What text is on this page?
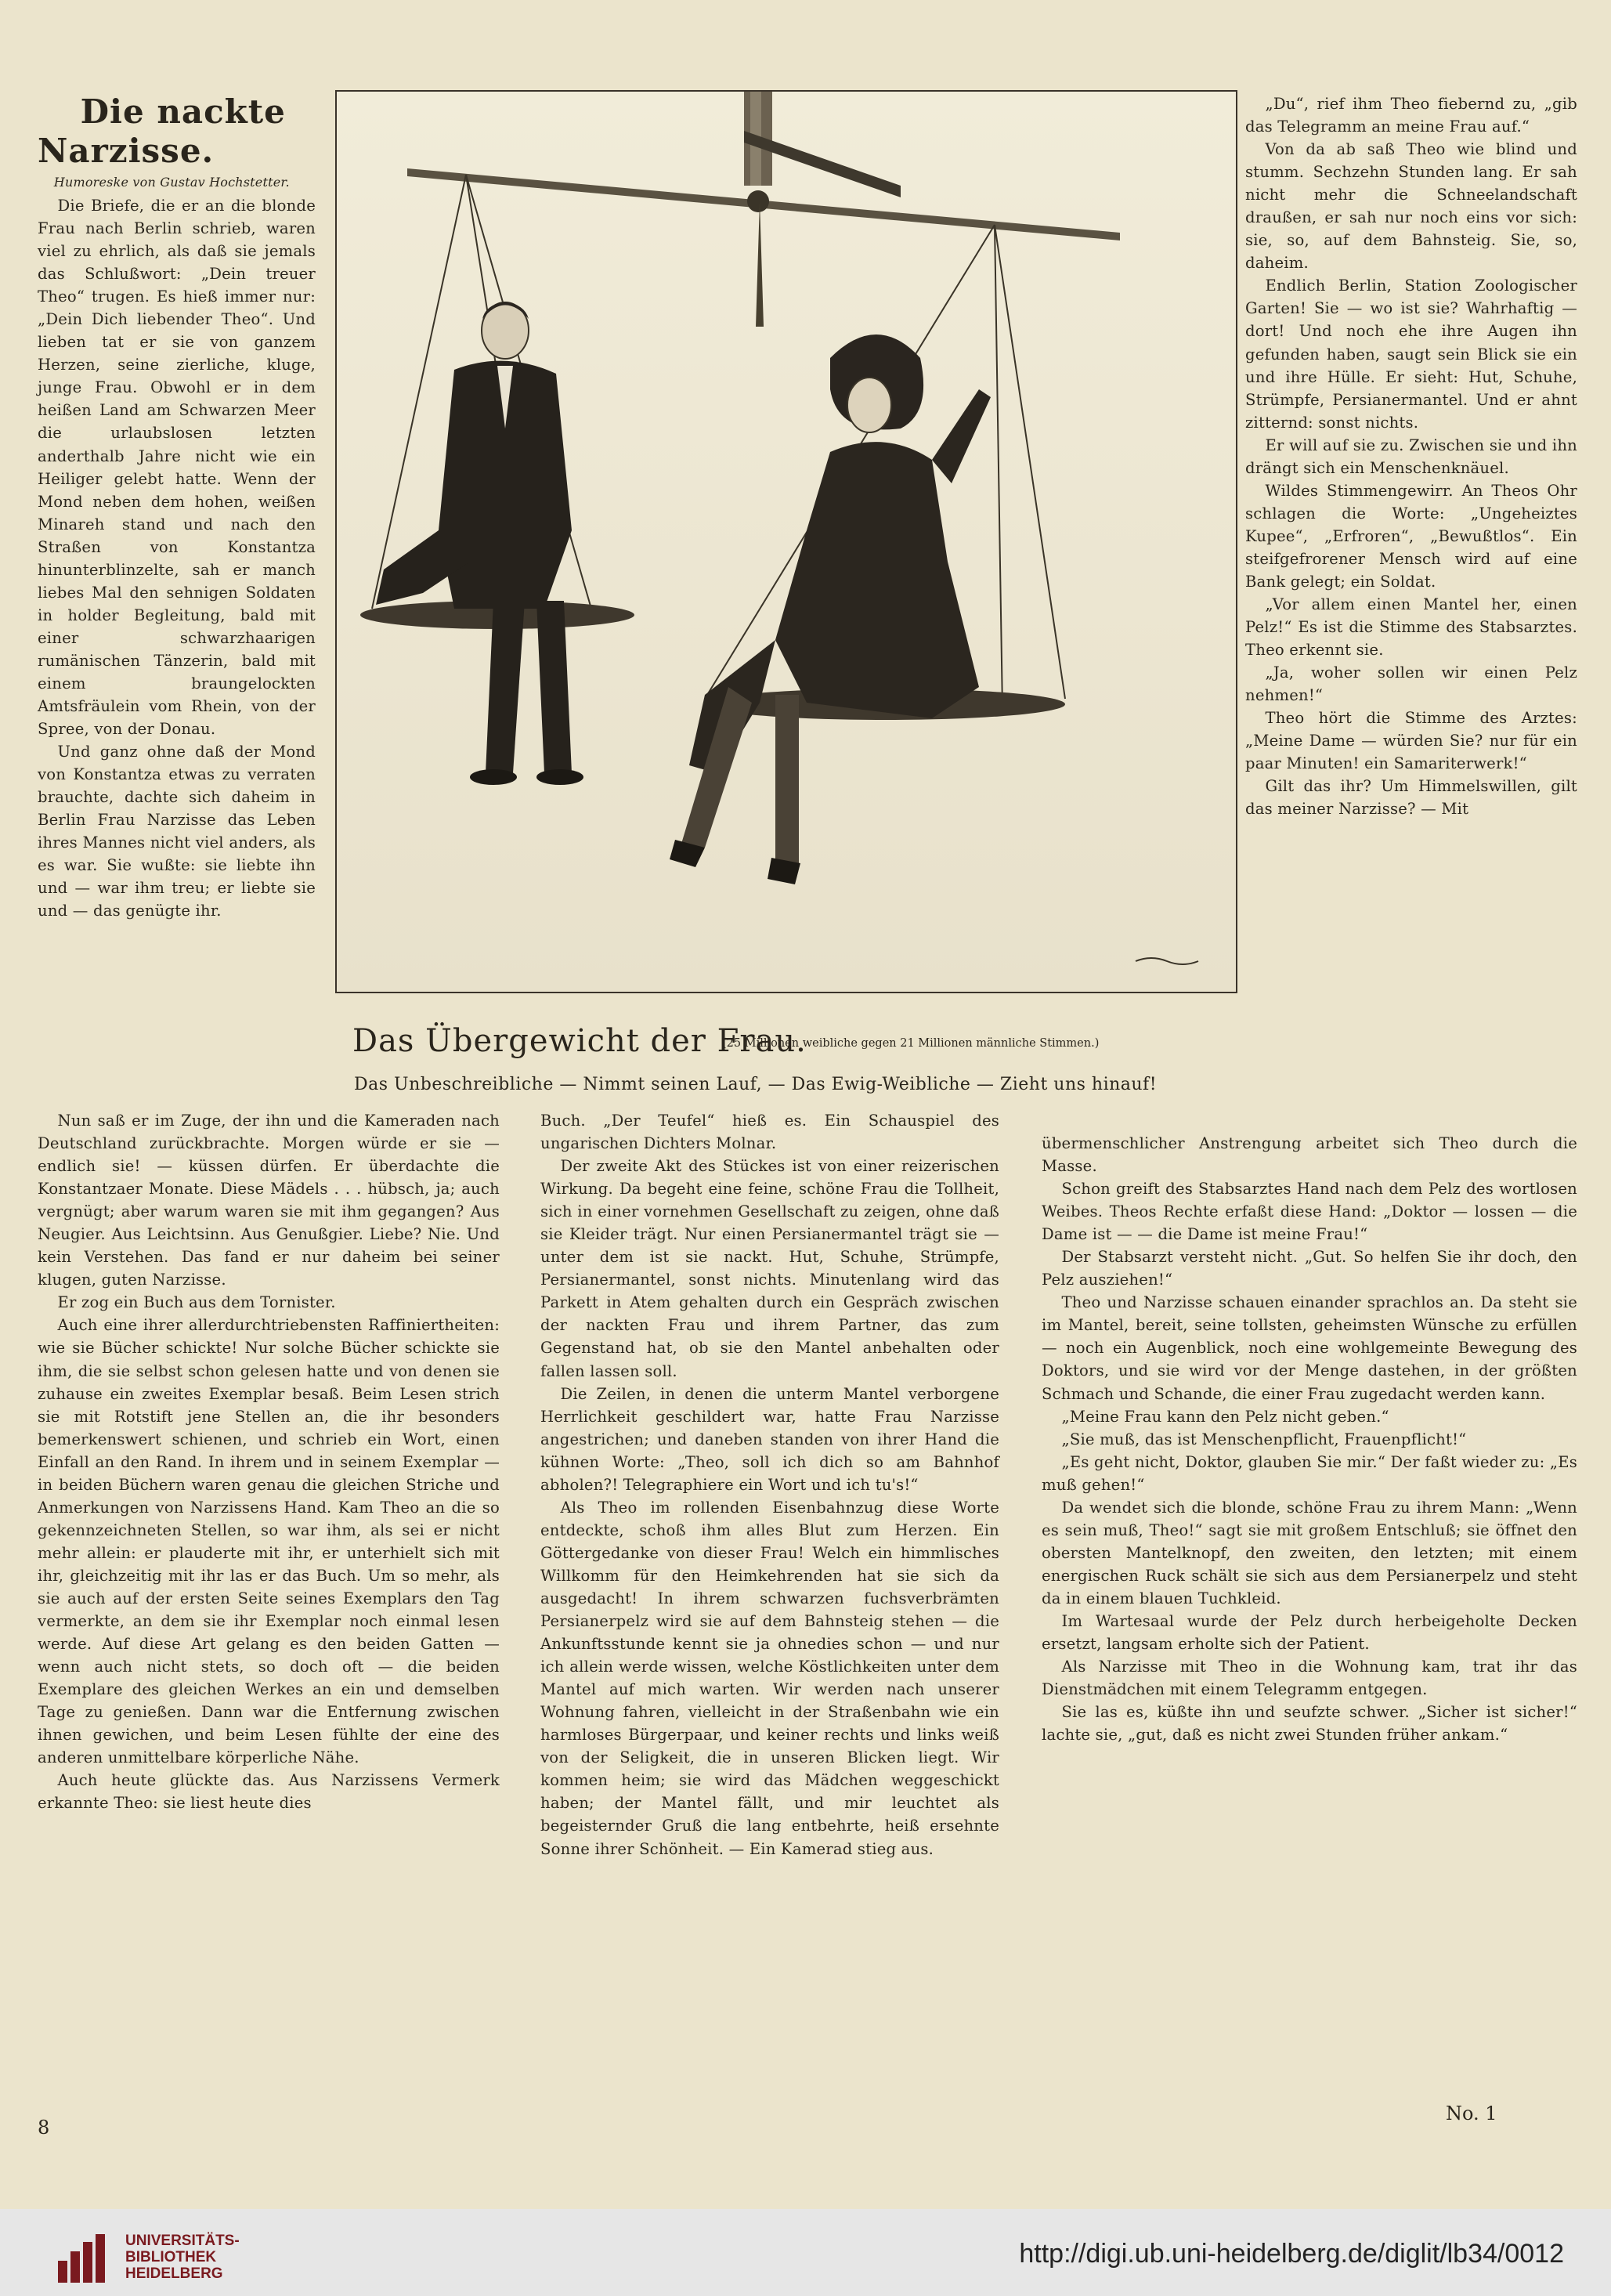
Die nackte Narzisse.

Humoreske von Gustav Hochstetter.

Die Briefe, die er an die blonde Frau nach Berlin schrieb, waren viel zu ehrlich, als daß sie jemals das Schlußwort: „Dein treuer Theo“ trugen. Es hieß immer nur: „Dein Dich liebender Theo“. Und lieben tat er sie von ganzem Herzen, seine zierliche, kluge, junge Frau. Obwohl er in dem heißen Land am Schwarzen Meer die urlaubslosen letzten anderthalb Jahre nicht wie ein Heiliger gelebt hatte. Wenn der Mond neben dem hohen, weißen Minareh stand und nach den Straßen von Konstantza hinunterblinzelte, sah er manch liebes Mal den sehnigen Soldaten in holder Begleitung, bald mit einer schwarzhaarigen rumänischen Tänzerin, bald mit einem braungelockten Amtsfräulein vom Rhein, von der Spree, von der Donau.

Und ganz ohne daß der Mond von Konstantza etwas zu verraten brauchte, dachte sich daheim in Berlin Frau Narzisse das Leben ihres Mannes nicht viel anders, als es war. Sie wußte: sie liebte ihn und — war ihm treu; er liebte sie und — das genügte ihr.

Das Übergewicht der Frau.
(25 Millionen weibliche gegen 21 Millionen männliche Stimmen.)
Das Unbeschreibliche — Nimmt seinen Lauf, — Das Ewig-Weibliche — Zieht uns hinauf!

„Du“, rief ihm Theo fiebernd zu, „gib das Telegramm an meine Frau auf.“

Von da ab saß Theo wie blind und stumm. Sechzehn Stunden lang. Er sah nicht mehr die Schneelandschaft draußen, er sah nur noch eins vor sich: sie, so, auf dem Bahnsteig. Sie, so, daheim.

Endlich Berlin, Station Zoologischer Garten! Sie — wo ist sie? Wahrhaftig — dort! Und noch ehe ihre Augen ihn gefunden haben, saugt sein Blick sie ein und ihre Hülle. Er sieht: Hut, Schuhe, Strümpfe, Persianermantel. Und er ahnt zitternd: sonst nichts.

Er will auf sie zu. Zwischen sie und ihn drängt sich ein Menschenknäuel.

Wildes Stimmengewirr. An Theos Ohr schlagen die Worte: „Ungeheiztes Kupee“, „Erfroren“, „Bewußtlos“. Ein steifgefrorener Mensch wird auf eine Bank gelegt; ein Soldat.

„Vor allem einen Mantel her, einen Pelz!“ Es ist die Stimme des Stabsarztes. Theo erkennt sie.

„Ja, woher sollen wir einen Pelz nehmen!“

Theo hört die Stimme des Arztes: „Meine Dame — würden Sie? nur für ein paar Minuten! ein Samariterwerk!“

Gilt das ihr? Um Himmelswillen, gilt das meiner Narzisse? — Mit

Nun saß er im Zuge, der ihn und die Kameraden nach Deutschland zurückbrachte. Morgen würde er sie — endlich sie! — küssen dürfen. Er überdachte die Konstantzaer Monate. Diese Mädels . . . hübsch, ja; auch vergnügt; aber warum waren sie mit ihm gegangen? Aus Neugier. Aus Leichtsinn. Aus Genußgier. Liebe? Nie. Und kein Verstehen. Das fand er nur daheim bei seiner klugen, guten Narzisse.

Er zog ein Buch aus dem Tornister.

Auch eine ihrer allerdurchtriebensten Raffiniertheiten: wie sie Bücher schickte! Nur solche Bücher schickte sie ihm, die sie selbst schon gelesen hatte und von denen sie zuhause ein zweites Exemplar besaß. Beim Lesen strich sie mit Rotstift jene Stellen an, die ihr besonders bemerkenswert schienen, und schrieb ein Wort, einen Einfall an den Rand. In ihrem und in seinem Exemplar — in beiden Büchern waren genau die gleichen Striche und Anmerkungen von Narzissens Hand. Kam Theo an die so gekennzeichneten Stellen, so war ihm, als sei er nicht mehr allein: er plauderte mit ihr, er unterhielt sich mit ihr, gleichzeitig mit ihr las er das Buch. Um so mehr, als sie auch auf der ersten Seite seines Exemplars den Tag vermerkte, an dem sie ihr Exemplar noch einmal lesen werde. Auf diese Art gelang es den beiden Gatten — wenn auch nicht stets, so doch oft — die beiden Exemplare des gleichen Werkes an ein und demselben Tage zu genießen. Dann war die Entfernung zwischen ihnen gewichen, und beim Lesen fühlte der eine des anderen unmittelbare körperliche Nähe.

Auch heute glückte das. Aus Narzissens Vermerk erkannte Theo: sie liest heute dies

Buch. „Der Teufel“ hieß es. Ein Schauspiel des ungarischen Dichters Molnar.

Der zweite Akt des Stückes ist von einer reizerischen Wirkung. Da begeht eine feine, schöne Frau die Tollheit, sich in einer vornehmen Gesellschaft zu zeigen, ohne daß sie Kleider trägt. Nur einen Persianermantel trägt sie — unter dem ist sie nackt. Hut, Schuhe, Strümpfe, Persianermantel, sonst nichts. Minutenlang wird das Parkett in Atem gehalten durch ein Gespräch zwischen der nackten Frau und ihrem Partner, das zum Gegenstand hat, ob sie den Mantel anbehalten oder fallen lassen soll.

Die Zeilen, in denen die unterm Mantel verborgene Herrlichkeit geschildert war, hatte Frau Narzisse angestrichen; und daneben standen von ihrer Hand die kühnen Worte: „Theo, soll ich dich so am Bahnhof abholen?! Telegraphiere ein Wort und ich tu's!“

Als Theo im rollenden Eisenbahnzug diese Worte entdeckte, schoß ihm alles Blut zum Herzen. Ein Göttergedanke von dieser Frau! Welch ein himmlisches Willkomm für den Heimkehrenden hat sie sich da ausgedacht! In ihrem schwarzen fuchsverbrämten Persianerpelz wird sie auf dem Bahnsteig stehen — die Ankunftsstunde kennt sie ja ohnedies schon — und nur ich allein werde wissen, welche Köstlichkeiten unter dem Mantel auf mich warten. Wir werden nach unserer Wohnung fahren, vielleicht in der Straßenbahn wie ein harmloses Bürgerpaar, und keiner rechts und links weiß von der Seligkeit, die in unseren Blicken liegt. Wir kommen heim; sie wird das Mädchen weggeschickt haben; der Mantel fällt, und mir leuchtet als begeisternder Gruß die lang entbehrte, heiß ersehnte Sonne ihrer Schönheit. — Ein Kamerad stieg aus.

übermenschlicher Anstrengung arbeitet sich Theo durch die Masse.

Schon greift des Stabsarztes Hand nach dem Pelz des wortlosen Weibes. Theos Rechte erfaßt diese Hand: „Doktor — lossen — die Dame ist — — die Dame ist meine Frau!“

Der Stabsarzt versteht nicht. „Gut. So helfen Sie ihr doch, den Pelz ausziehen!“

Theo und Narzisse schauen einander sprachlos an. Da steht sie im Mantel, bereit, seine tollsten, geheimsten Wünsche zu erfüllen — noch ein Augenblick, noch eine wohlgemeinte Bewegung des Doktors, und sie wird vor der Menge dastehen, in der größten Schmach und Schande, die einer Frau zugedacht werden kann.

„Meine Frau kann den Pelz nicht geben.“

„Sie muß, das ist Menschenpflicht, Frauenpflicht!“

„Es geht nicht, Doktor, glauben Sie mir.“ Der faßt wieder zu: „Es muß gehen!“

Da wendet sich die blonde, schöne Frau zu ihrem Mann: „Wenn es sein muß, Theo!“ sagt sie mit großem Entschluß; sie öffnet den obersten Mantelknopf, den zweiten, den letzten; mit einem energischen Ruck schält sie sich aus dem Persianerpelz und steht da in einem blauen Tuchkleid.

Im Wartesaal wurde der Pelz durch herbeigeholte Decken ersetzt, langsam erholte sich der Patient.

Als Narzisse mit Theo in die Wohnung kam, trat ihr das Dienstmädchen mit einem Telegramm entgegen.

Sie las es, küßte ihn und seufzte schwer. „Sicher ist sicher!“ lachte sie, „gut, daß es nicht zwei Stunden früher ankam.“

8
No. 1
UNIVERSITÄTS-
BIBLIOTHEK
HEIDELBERG
http://digi.ub.uni-heidelberg.de/diglit/lb34/0012
